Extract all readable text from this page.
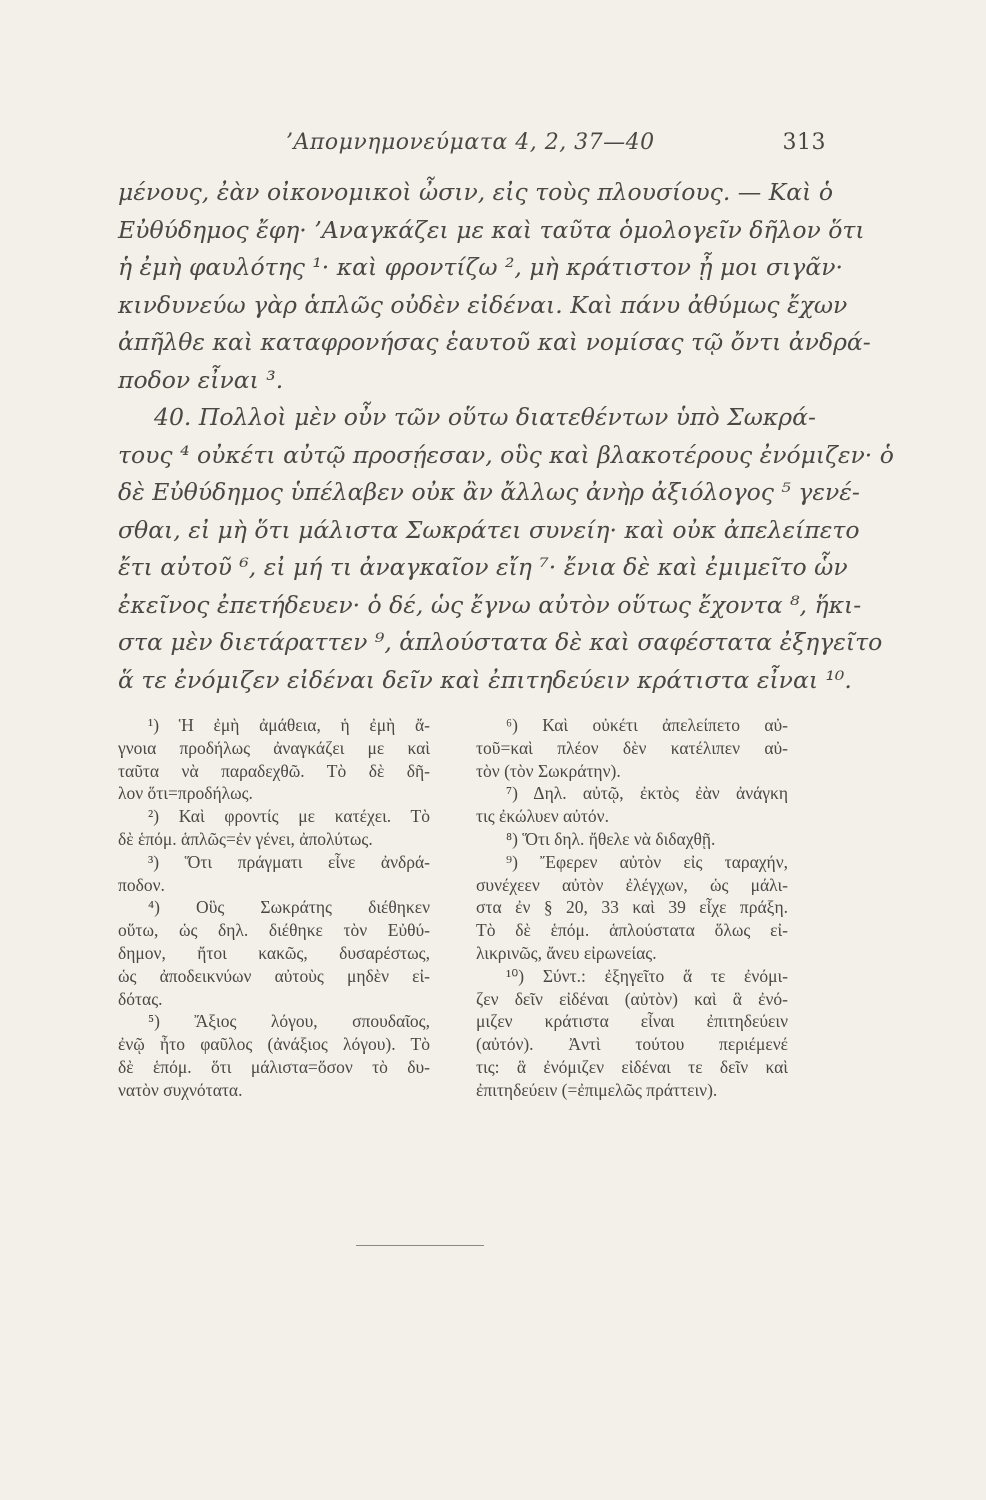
’Απομνημονεύματα 4, 2, 37—40	313
μένους, ἐὰν οἰκονομικοὶ ὦσιν, εἰς τοὺς πλουσίους. — Καὶ ὁ
Εὐθύδημος ἔφη· ’Αναγκάζει με καὶ ταῦτα ὁμολογεῖν δῆλον ὅτι
ἡ ἐμὴ φαυλότης ¹· καὶ φροντίζω ², μὴ κράτιστον ᾖ μοι σιγᾶν·
κινδυνεύω γὰρ ἁπλῶς οὐδὲν εἰδέναι. Καὶ πάνυ ἀθύμως ἔχων
ἀπῆλθε καὶ καταφρονήσας ἑαυτοῦ καὶ νομίσας τῷ ὄντι ἀνδρά-
ποδον εἶναι ³.
40. Πολλοὶ μὲν οὖν τῶν οὕτω διατεθέντων ὑπὸ Σωκρά-
τους ⁴ οὐκέτι αὐτῷ προσῄεσαν, οὓς καὶ βλακοτέρους ἐνόμιζεν· ὁ
δὲ Εὐθύδημος ὑπέλαβεν οὐκ ἂν ἄλλως ἀνὴρ ἀξιόλογος ⁵ γενέ-
σθαι, εἰ μὴ ὅτι μάλιστα Σωκράτει συνείη· καὶ οὐκ ἀπελείπετο
ἔτι αὐτοῦ ⁶, εἰ μή τι ἀναγκαῖον εἴη ⁷· ἔνια δὲ καὶ ἐμιμεῖτο ὧν
ἐκεῖνος ἐπετήδευεν· ὁ δέ, ὡς ἔγνω αὐτὸν οὕτως ἔχοντα ⁸, ἥκι-
στα μὲν διετάραττεν ⁹, ἁπλούστατα δὲ καὶ σαφέστατα ἐξηγεῖτο
ἅ τε ἐνόμιζεν εἰδέναι δεῖν καὶ ἐπιτηδεύειν κράτιστα εἶναι ¹⁰.

¹) Ἡ ἐμὴ ἀμάθεια, ἡ ἐμὴ ἄ-
γνοια προδήλως ἀναγκάζει με καὶ
ταῦτα νὰ παραδεχθῶ. Τὸ δὲ δῆ-
λον ὅτι=προδήλως.

²) Καὶ φροντίς με κατέχει. Τὸ
δὲ ἑπόμ. ἁπλῶς=ἐν γένει, ἀπολύτως.

³) Ὅτι πράγματι εἶνε ἀνδρά-
ποδον.

⁴) Οὓς Σωκράτης διέθηκεν
οὕτω, ὡς δηλ. διέθηκε τὸν Εὐθύ-
δημον, ἤτοι κακῶς, δυσαρέστως,
ὡς ἀποδεικνύων αὐτοὺς μηδὲν εἰ-
δότας.

⁵) Ἄξιος λόγου, σπουδαῖος,
ἐνῷ ἦτο φαῦλος (ἀνάξιος λόγου). Τὸ
δὲ ἑπόμ. ὅτι μάλιστα=ὅσον τὸ δυ-
νατὸν συχνότατα.

⁶) Καὶ οὐκέτι ἀπελείπετο αὐ-
τοῦ=καὶ πλέον δὲν κατέλιπεν αὐ-
τὸν (τὸν Σωκράτην).

⁷) Δηλ. αὐτῷ, ἐκτὸς ἐὰν ἀνάγκη
τις ἐκώλυεν αὐτόν.

⁸) Ὅτι δηλ. ἤθελε νὰ διδαχθῇ.

⁹) Ἔφερεν αὐτὸν εἰς ταραχήν,
συνέχεεν αὐτὸν ἐλέγχων, ὡς μάλι-
στα ἐν § 20, 33 καὶ 39 εἶχε πράξη.
Τὸ δὲ ἑπόμ. ἁπλούστατα ὅλως εἰ-
λικρινῶς, ἄνευ εἰρωνείας.

¹⁰) Σύντ.: ἐξηγεῖτο ἅ τε ἐνόμι-
ζεν δεῖν εἰδέναι (αὐτὸν) καὶ ἃ ἐνό-
μιζεν κράτιστα εἶναι ἐπιτηδεύειν
(αὐτόν). Ἀντὶ τούτου περιέμενέ
τις: ἃ ἐνόμιζεν εἰδέναι τε δεῖν καὶ
ἐπιτηδεύειν (=ἐπιμελῶς πράττειν).
